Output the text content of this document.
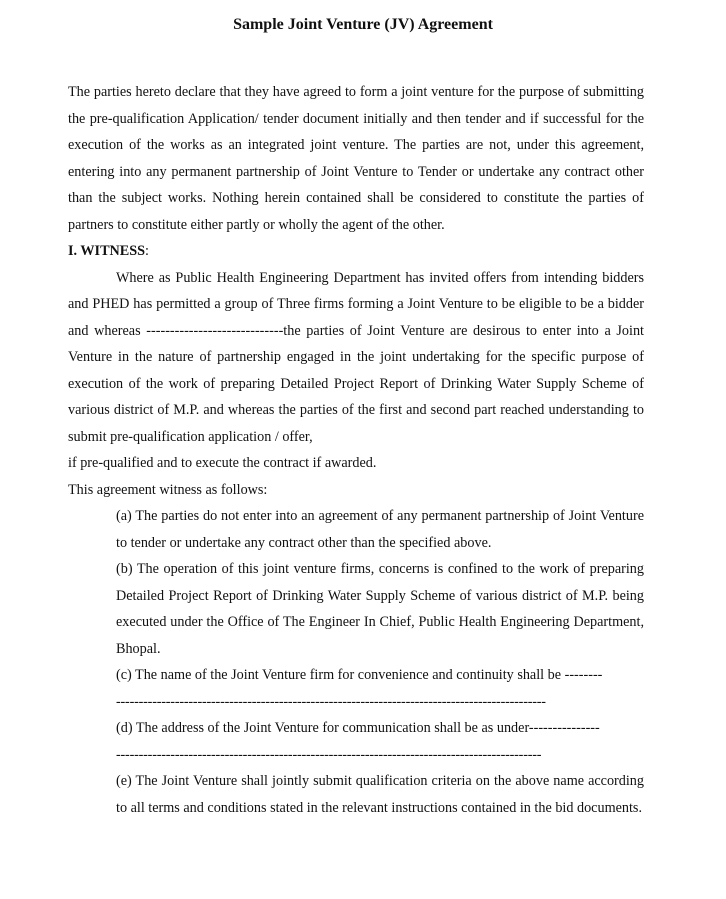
Sample Joint Venture (JV) Agreement

The parties hereto declare that they have agreed to form a joint venture for the purpose of submitting the pre-qualification Application/ tender document initially and then tender and if successful for the execution of the works as an integrated joint venture. The parties are not, under this agreement, entering into any permanent partnership of Joint Venture to Tender or undertake any contract other than the subject works. Nothing herein contained shall be considered to constitute the parties of partners to constitute either partly or wholly the agent of the other.

I. WITNESS:

Where as Public Health Engineering Department has invited offers from intending bidders and PHED has permitted a group of Three firms forming a Joint Venture to be eligible to be a bidder and whereas -----------------------------the parties of Joint Venture are desirous to enter into a Joint Venture in the nature of partnership engaged in the joint undertaking for the specific purpose of execution of the work of preparing Detailed Project Report of Drinking Water Supply Scheme of various district of M.P. and whereas the parties of the first and second part reached understanding to submit pre-qualification application / offer,

if pre-qualified and to execute the contract if awarded.

This agreement witness as follows:

(a) The parties do not enter into an agreement of any permanent partnership of Joint Venture to tender or undertake any contract other than the specified above.
(b) The operation of this joint venture firms, concerns is confined to the work of preparing Detailed Project Report of Drinking Water Supply Scheme of various district of M.P. being executed under the Office of The Engineer In Chief, Public Health Engineering Department, Bhopal.
(c) The name of the Joint Venture firm for convenience and continuity shall be --------
-----------------------------------------------------------------------------------------------
(d) The address of the Joint Venture for communication shall be as under---------------
----------------------------------------------------------------------------------------------
(e) The Joint Venture shall jointly submit qualification criteria on the above name according to all terms and conditions stated in the relevant instructions contained in the bid documents.
